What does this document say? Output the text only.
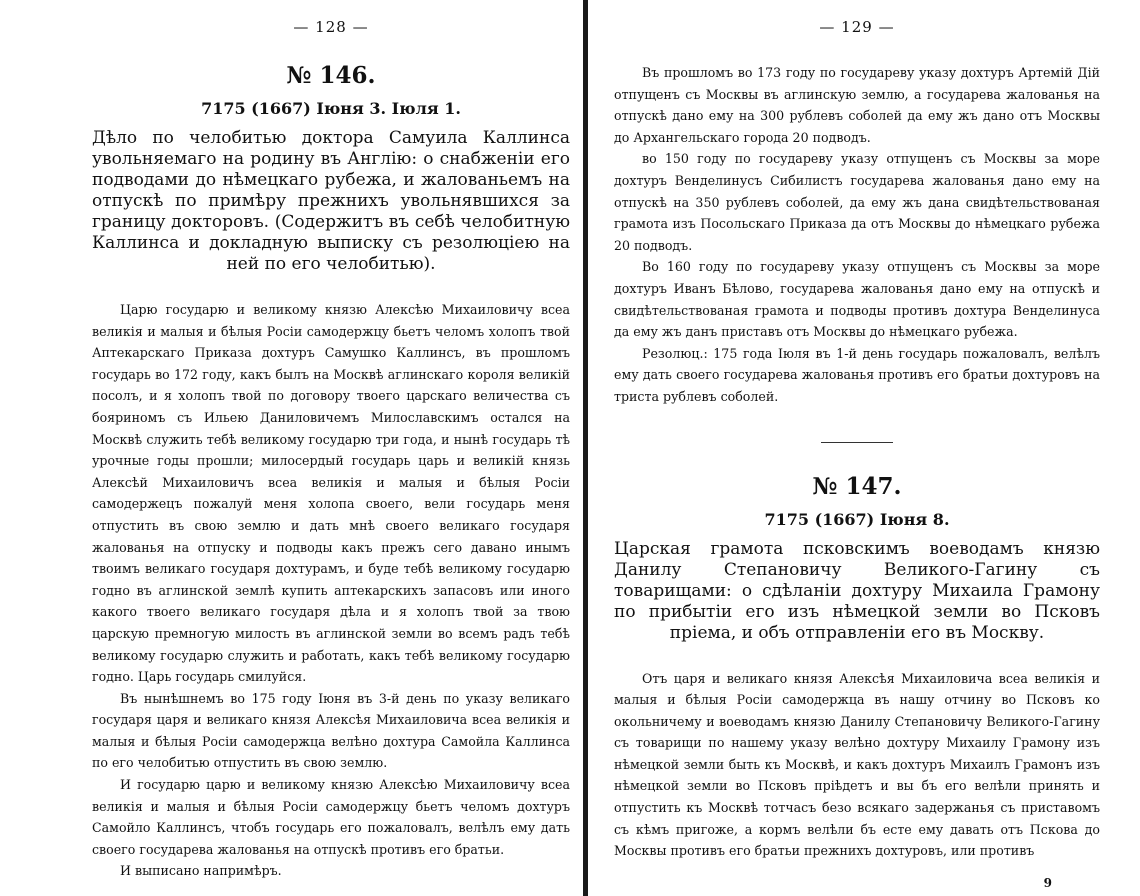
— 128 —
№ 146.
7175 (1667) Іюня 3. Іюля 1.
Дѣло по челобитью доктора Самуила Каллинса увольняемаго на родину въ Англію: о снабженіи его подводами до нѣмецкаго рубежа, и жалованьемъ на отпускѣ по примѣру прежнихъ увольнявшихся за границу докторовъ. (Содержитъ въ себѣ челобитную Каллинса и докладную выписку съ резолюціею на ней по его челобитью).

Царю государю и великому князю Алексѣю Михаиловичу всеа великія и малыя и бѣлыя Росіи самодержцу бьетъ челомъ холопъ твой Аптекарскаго Приказа дохтуръ Самушко Каллинсъ, въ прошломъ государь во 172 году, какъ былъ на Москвѣ аглинскаго короля великій посолъ, и я холопъ твой по договору твоего царскаго величества съ бояриномъ съ Ильею Даниловичемъ Милославскимъ остался на Москвѣ служить тебѣ великому государю три года, и нынѣ государь тѣ урочные годы прошли; милосердый государь царь и великій князь Алексѣй Михаиловичъ всеа великія и малыя и бѣлыя Росіи самодержецъ пожалуй меня холопа своего, вели государь меня отпустить въ свою землю и дать мнѣ своего великаго государя жалованья на отпуску и подводы какъ прежъ сего давано инымъ твоимъ великаго государя дохтурамъ, и буде тебѣ великому государю годно въ аглинской землѣ купить аптекарскихъ запасовъ или иного какого твоего великаго государя дѣла и я холопъ твой за твою царскую премногую милость въ аглинской земли во всемъ радъ тебѣ великому государю служить и работать, какъ тебѣ великому государю годно. Царь государь смилуйся.

Въ нынѣшнемъ во 175 году Іюня въ 3-й день по указу великаго государя царя и великаго князя Алексѣя Михаиловича всеа великія и малыя и бѣлыя Росіи самодержца велѣно дохтура Самойла Каллинса по его челобитью отпустить въ свою землю.

И государю царю и великому князю Алексѣю Михаиловичу всеа великія и малыя и бѣлыя Росіи самодержцу бьетъ челомъ дохтуръ Самойло Каллинсъ, чтобъ государь его пожаловалъ, велѣлъ ему дать своего государева жалованья на отпускѣ противъ его братьи.

И выписано напримѣръ.

— 129 —

Въ прошломъ во 173 году по государеву указу дохтуръ Артемій Дій отпущенъ съ Москвы въ аглинскую землю, а государева жалованья на отпускѣ дано ему на 300 рублевъ соболей да ему жъ дано отъ Москвы до Архангельскаго города 20 подводъ.

во 150 году по государеву указу отпущенъ съ Москвы за море дохтуръ Венделинусъ Сибилистъ государева жалованья дано ему на отпускѣ на 350 рублевъ соболей, да ему жъ дана свидѣтельствованая грамота изъ Посольскаго Приказа да отъ Москвы до нѣмецкаго рубежа 20 подводъ.

Во 160 году по государеву указу отпущенъ съ Москвы за море дохтуръ Иванъ Бѣлово, государева жалованья дано ему на отпускѣ и свидѣтельствованая грамота и подводы противъ дохтура Венделинуса да ему жъ данъ приставъ отъ Москвы до нѣмецкаго рубежа.

Резолюц.: 175 года Іюля въ 1-й день государь пожаловалъ, велѣлъ ему дать своего государева жалованья противъ его братьи дохтуровъ на триста рублевъ соболей.

№ 147.
7175 (1667) Іюня 8.
Царская грамота псковскимъ воеводамъ князю Данилу Степановичу Великого-Гагину съ товарищами: о сдѣланіи дохтуру Михаила Грамону по прибытіи его изъ нѣмецкой земли во Псковъ пріема, и объ отправленіи его въ Москву.

Отъ царя и великаго князя Алексѣя Михаиловича всеа великія и малыя и бѣлыя Росіи самодержца въ нашу отчину во Псковъ ко окольничему и воеводамъ князю Данилу Степановичу Великого-Гагину съ товарищи по нашему указу велѣно дохтуру Михаилу Грамону изъ нѣмецкой земли быть къ Москвѣ, и какъ дохтуръ Михаилъ Грамонъ изъ нѣмецкой земли во Псковъ пріѣдетъ и вы бъ его велѣли принять и отпустить къ Москвѣ тотчасъ безо всякаго задержанья съ приставомъ съ кѣмъ пригоже, а кормъ велѣли бъ есте ему давать отъ Пскова до Москвы противъ его братьи прежнихъ дохтуровъ, или противъ

9
